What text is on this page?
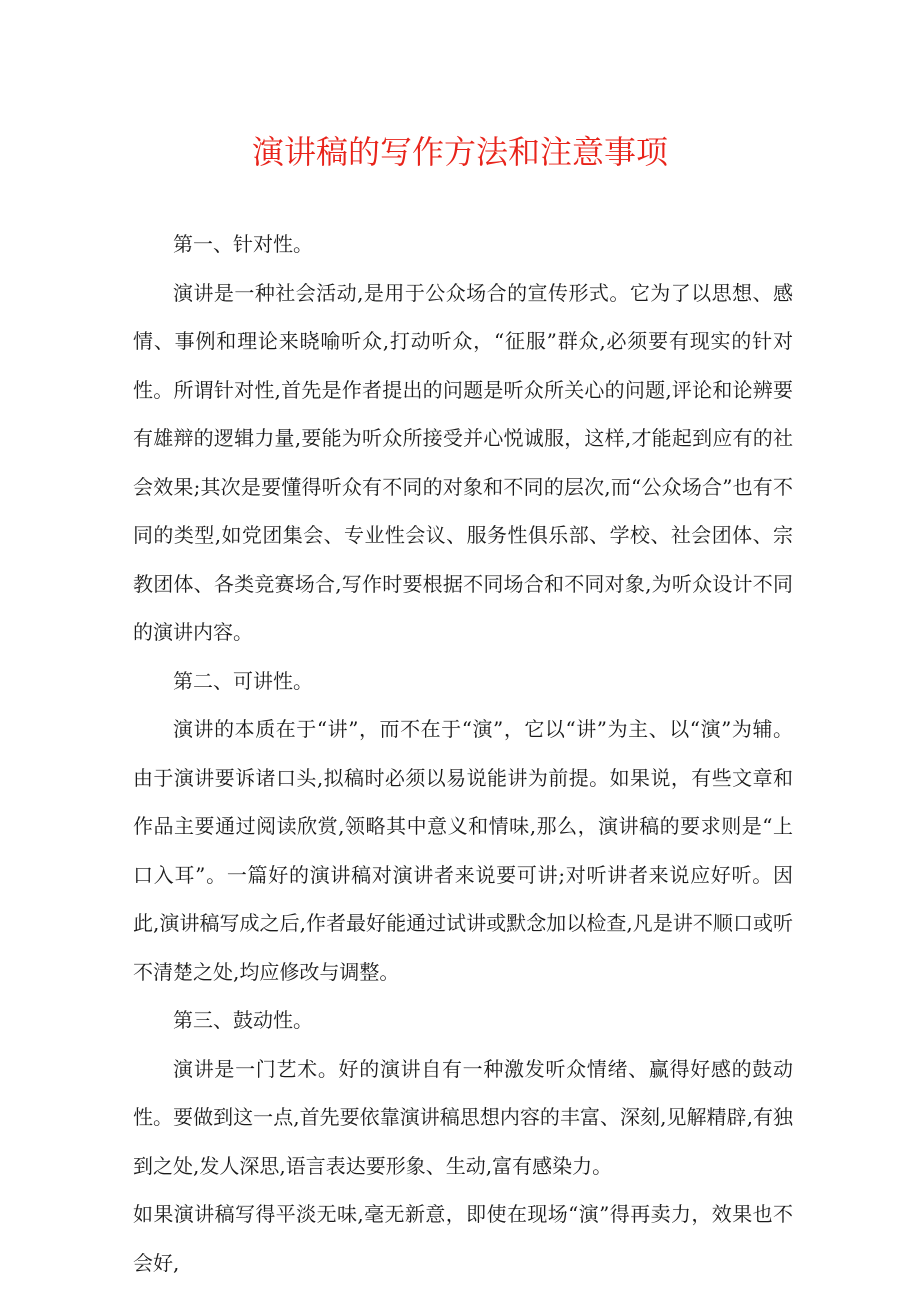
演讲稿的写作方法和注意事项

第一、针对性。

演讲是一种社会活动,是用于公众场合的宣传形式。它为了以思想、感情、事例和理论来晓喻听众,打动听众，“征服”群众,必须要有现实的针对性。所谓针对性,首先是作者提出的问题是听众所关心的问题,评论和论辨要有雄辩的逻辑力量,要能为听众所接受并心悦诚服，这样,才能起到应有的社会效果;其次是要懂得听众有不同的对象和不同的层次,而“公众场合”也有不同的类型,如党团集会、专业性会议、服务性俱乐部、学校、社会团体、宗教团体、各类竞赛场合,写作时要根据不同场合和不同对象,为听众设计不同的演讲内容。

第二、可讲性。

演讲的本质在于“讲”，而不在于“演”，它以“讲”为主、以“演”为辅。由于演讲要诉诸口头,拟稿时必须以易说能讲为前提。如果说，有些文章和作品主要通过阅读欣赏,领略其中意义和情味,那么，演讲稿的要求则是“上口入耳”。一篇好的演讲稿对演讲者来说要可讲;对听讲者来说应好听。因此,演讲稿写成之后,作者最好能通过试讲或默念加以检查,凡是讲不顺口或听不清楚之处,均应修改与调整。

第三、鼓动性。

演讲是一门艺术。好的演讲自有一种激发听众情绪、赢得好感的鼓动性。要做到这一点,首先要依靠演讲稿思想内容的丰富、深刻,见解精辟,有独到之处,发人深思,语言表达要形象、生动,富有感染力。

如果演讲稿写得平淡无味,毫无新意，即使在现场“演”得再卖力，效果也不会好,
